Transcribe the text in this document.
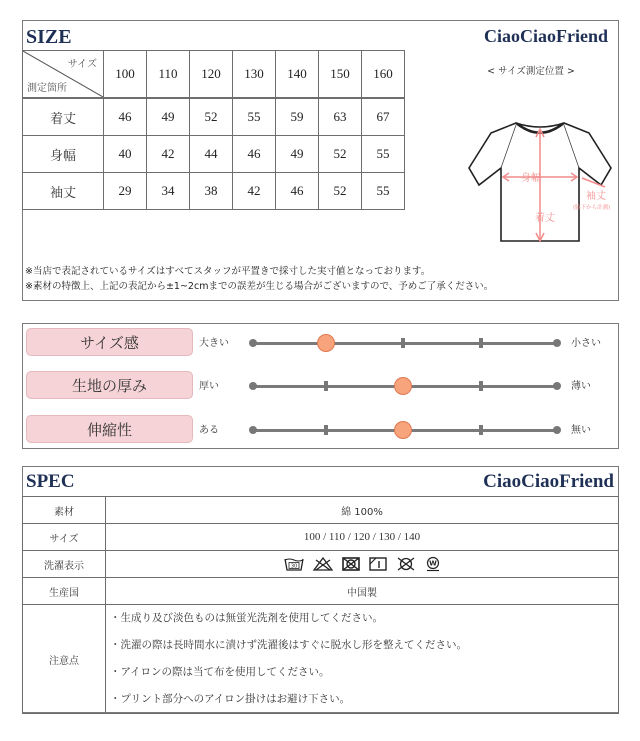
SIZE	CiaoCiaoFriend
サイズ
測定箇所	100	110	120	130	140	150	160
着丈	46	49	52	55	59	63	67
身幅	40	42	44	46	49	52	55
袖丈	29	34	38	42	46	52	55
< サイズ測定位置 >
身幅
袖丈
(脇下から計測)
着丈
※当店で表記されているサイズはすべてスタッフが平置きで採寸した実寸値となっております。
※素材の特徴上、上記の表記から±1~2cmまでの誤差が生じる場合がございますので、予めご了承ください。
サイズ感	大きい	小さい
生地の厚み	厚い	薄い
伸縮性	ある	無い
SPEC	CiaoCiaoFriend
素材	綿 100%
サイズ	100 / 110 / 120 / 130 / 140
洗濯表示	30 W

生産国	中国製
注意点	・生成り及び淡色ものは無蛍光洗剤を使用してください。
・洗濯の際は長時間水に漬けず洗濯後はすぐに脱水し形を整えてください。
・アイロンの際は当て布を使用してください。
・プリント部分へのアイロン掛けはお避け下さい。
